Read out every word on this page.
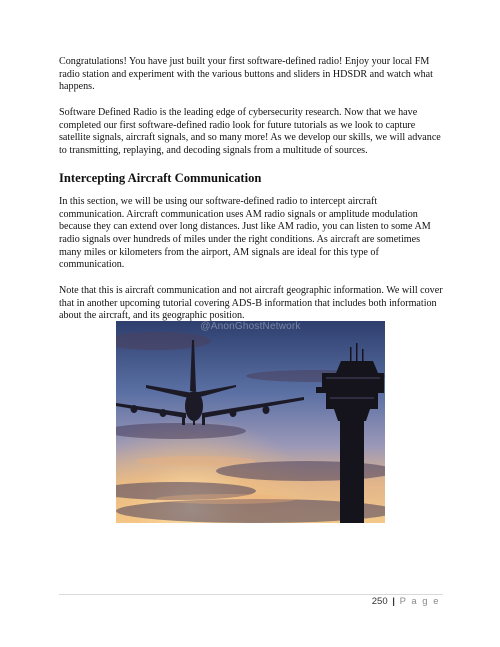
Congratulations! You have just built your first software-defined radio! Enjoy your local FM radio station and experiment with the various buttons and sliders in HDSDR and watch what happens.

Software Defined Radio is the leading edge of cybersecurity research. Now that we have completed our first software-defined radio look for future tutorials as we look to capture satellite signals, aircraft signals, and so many more! As we develop our skills, we will advance to transmitting, replaying, and decoding signals from a multitude of sources.

Intercepting Aircraft Communication

In this section, we will be using our software-defined radio to intercept aircraft communication. Aircraft communication uses AM radio signals or amplitude modulation because they can extend over long distances. Just like AM radio, you can listen to some AM radio signals over hundreds of miles under the right conditions. As aircraft are sometimes many miles or kilometers from the airport, AM signals are ideal for this type of communication.

Note that this is aircraft communication and not aircraft geographic information. We will cover that in another upcoming tutorial covering ADS-B information that includes both information about the aircraft, and its geographic position.

@AnonGhostNetwork
250 | P a g e
